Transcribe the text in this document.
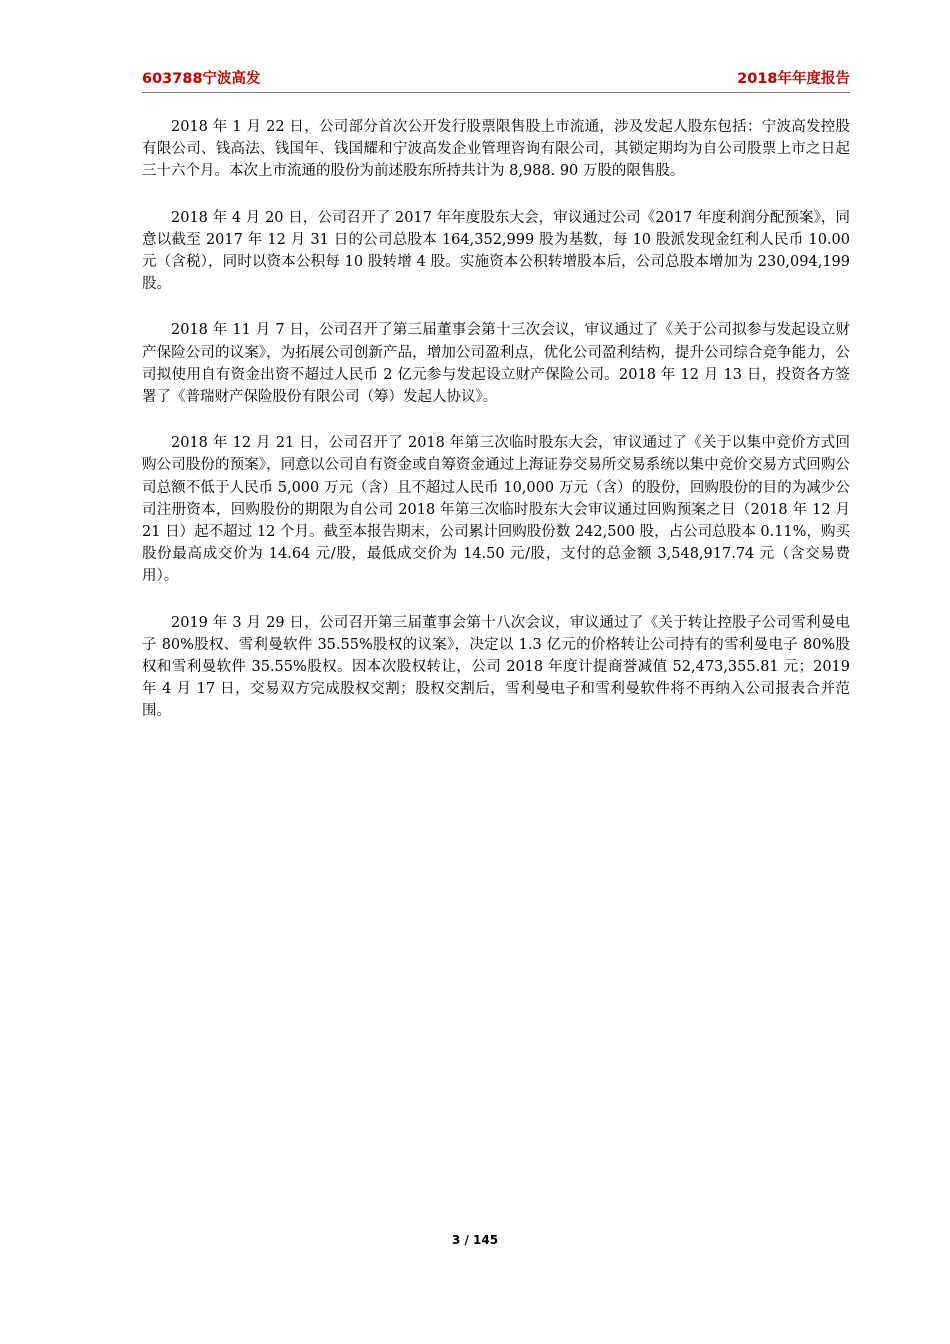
603788宁波高发	2018年年度报告

2018 年 1 月 22 日，公司部分首次公开发行股票限售股上市流通，涉及发起人股东包括：宁波高发控股有限公司、钱高法、钱国年、钱国耀和宁波高发企业管理咨询有限公司，其锁定期均为自公司股票上市之日起三十六个月。本次上市流通的股份为前述股东所持共计为 8,988. 90 万股的限售股。

2018 年 4 月 20 日，公司召开了 2017 年年度股东大会，审议通过公司《2017 年度利润分配预案》，同意以截至 2017 年 12 月 31 日的公司总股本 164,352,999 股为基数，每 10 股派发现金红利人民币 10.00 元（含税），同时以资本公积每 10 股转增 4 股。实施资本公积转增股本后，公司总股本增加为 230,094,199 股。

2018 年 11 月 7 日，公司召开了第三届董事会第十三次会议，审议通过了《关于公司拟参与发起设立财产保险公司的议案》，为拓展公司创新产品，增加公司盈利点，优化公司盈利结构，提升公司综合竞争能力，公司拟使用自有资金出资不超过人民币 2 亿元参与发起设立财产保险公司。2018 年 12 月 13 日，投资各方签署了《普瑞财产保险股份有限公司（筹）发起人协议》。

2018 年 12 月 21 日，公司召开了 2018 年第三次临时股东大会，审议通过了《关于以集中竞价方式回购公司股份的预案》，同意以公司自有资金或自筹资金通过上海证券交易所交易系统以集中竞价交易方式回购公司总额不低于人民币 5,000 万元（含）且不超过人民币 10,000 万元（含）的股份，回购股份的目的为减少公司注册资本，回购股份的期限为自公司 2018 年第三次临时股东大会审议通过回购预案之日（2018 年 12 月 21 日）起不超过 12 个月。截至本报告期末，公司累计回购股份数 242,500 股，占公司总股本 0.11%，购买股份最高成交价为 14.64 元/股，最低成交价为 14.50 元/股，支付的总金额 3,548,917.74 元（含交易费用）。

2019 年 3 月 29 日，公司召开第三届董事会第十八次会议，审议通过了《关于转让控股子公司雪利曼电子 80%股权、雪利曼软件 35.55%股权的议案》，决定以 1.3 亿元的价格转让公司持有的雪利曼电子 80%股权和雪利曼软件 35.55%股权。因本次股权转让，公司 2018 年度计提商誉减值 52,473,355.81 元；2019 年 4 月 17 日，交易双方完成股权交割；股权交割后，雪利曼电子和雪利曼软件将不再纳入公司报表合并范围。

3 / 145
